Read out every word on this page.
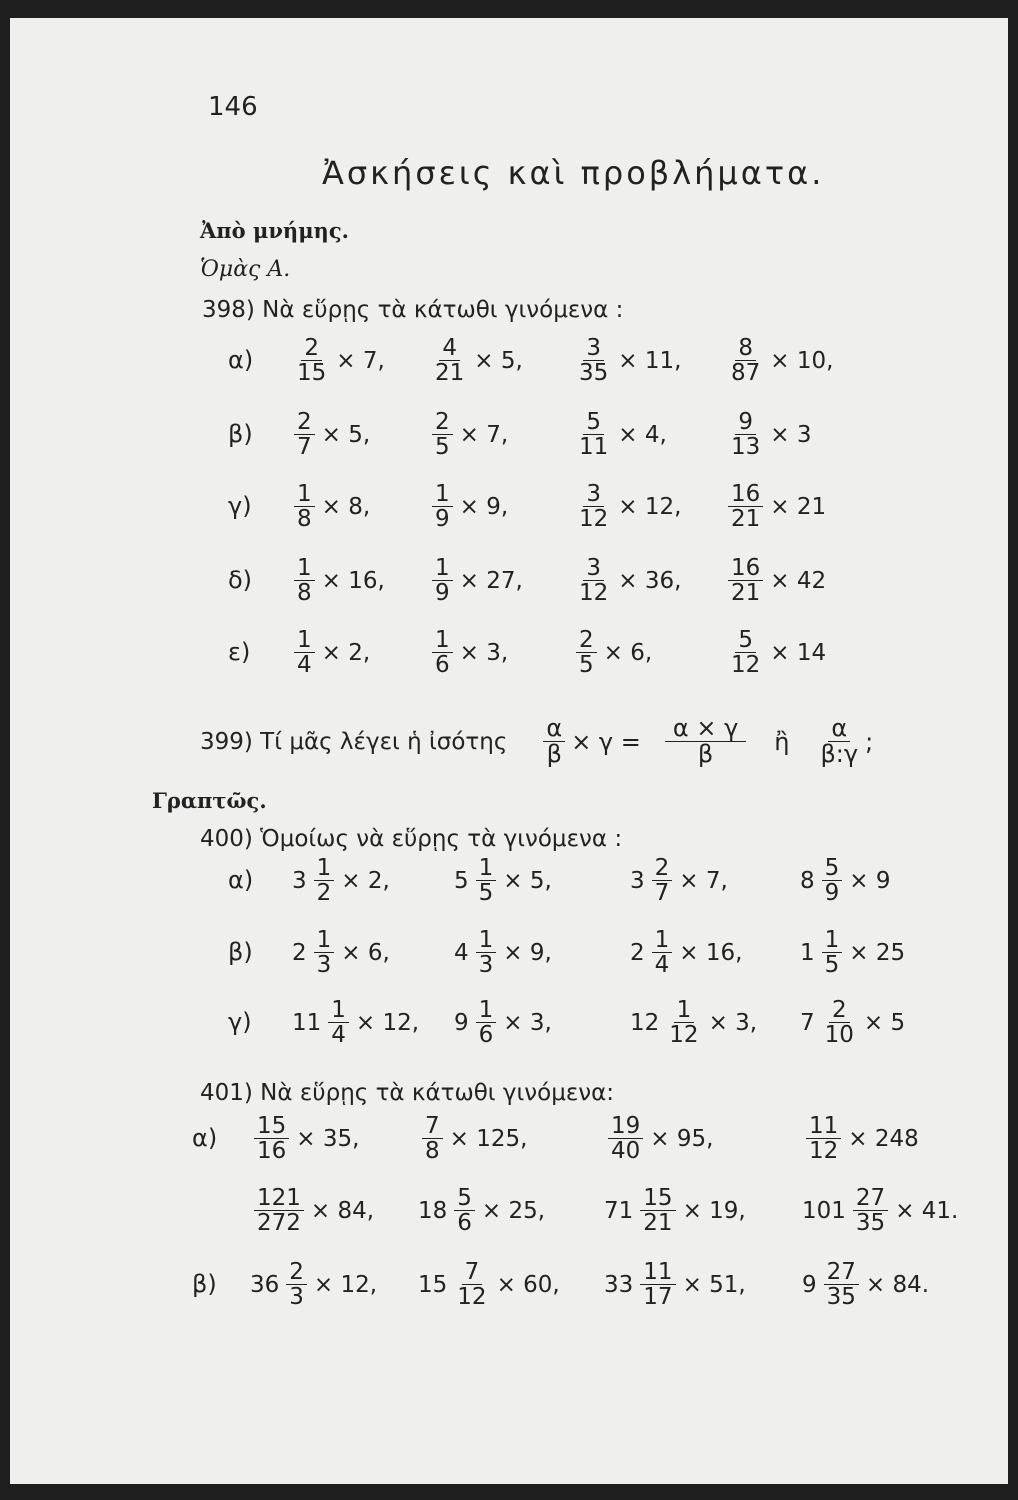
146
Ἀσκήσεις καὶ προβλήματα.
Ἀπὸ μνήμης.
Ὁμὰς Α.
398) Νὰ εὕρῃς τὰ κάτωθι γινόμενα :
$\alpha) \frac{2}{15} \times 7$, $\frac{4}{21} \times 5$, $\frac{3}{35} \times 11$, $\frac{8}{87} \times 10$,
$\beta) \frac{2}{7} \times 5$,	$\frac{2}{5} \times 7$,	$\frac{5}{11} \times 4$,	$\frac{9}{13} \times 3$
$\gamma) \frac{1}{8} \times 8$,	$\frac{1}{9} \times 9$,	$\frac{3}{12} \times 12$, $\frac{16}{21} \times 21$
$\delta) \frac{1}{8} \times 16$, $\frac{1}{9} \times 27$, $\frac{3}{12} \times 36$, $\frac{16}{21} \times 42$
$\varepsilon) \frac{1}{4} \times 2$,	$\frac{1}{6} \times 3$,	$\frac{2}{5} \times 6$,	$\frac{5}{12} \times 14$
399) Τί μᾶς λέγει ἡ ἰσότης $\frac{\alpha}{\beta} \times \gamma = \frac{\alpha \times \gamma}{\beta}$ ἢ $\frac{\alpha}{\beta:\gamma}$ ;
Γραπτῶς.
400) Ὁμοίως νὰ εὕρῃς τὰ γινόμενα :
α) $3 \frac{1}{2} \times 2$,	$5 \frac{1}{5} \times 5$,	$3 \frac{2}{7} \times 7$,	$8 \frac{5}{9} \times 9$
β) $2 \frac{1}{3} \times 6$,	$4 \frac{1}{3} \times 9$,	$2 \frac{1}{4} \times 16$,	$1 \frac{1}{5} \times 25$
γ) $11 \frac{1}{4} \times 12$, $9 \frac{1}{6} \times 3$,	$12 \frac{1}{12} \times 3$, $7 \frac{2}{10} \times 5$
401) Νὰ εὕρῃς τὰ κάτωθι γινόμενα:
$\alpha) \frac{15}{16} \times 35$,	$\frac{7}{8} \times 125$,	$\frac{19}{40} \times 95$,	$\frac{11}{12} \times 248$
$\frac{121}{272} \times 84$, $18 \frac{5}{6} \times 25$,	$71 \frac{15}{21} \times 19$, $101 \frac{27}{35} \times 41$.
β) $36 \frac{2}{3} \times 12$, $15 \frac{7}{12} \times 60$, $33 \frac{11}{17} \times 51$, $9 \frac{27}{35} \times 84$.
